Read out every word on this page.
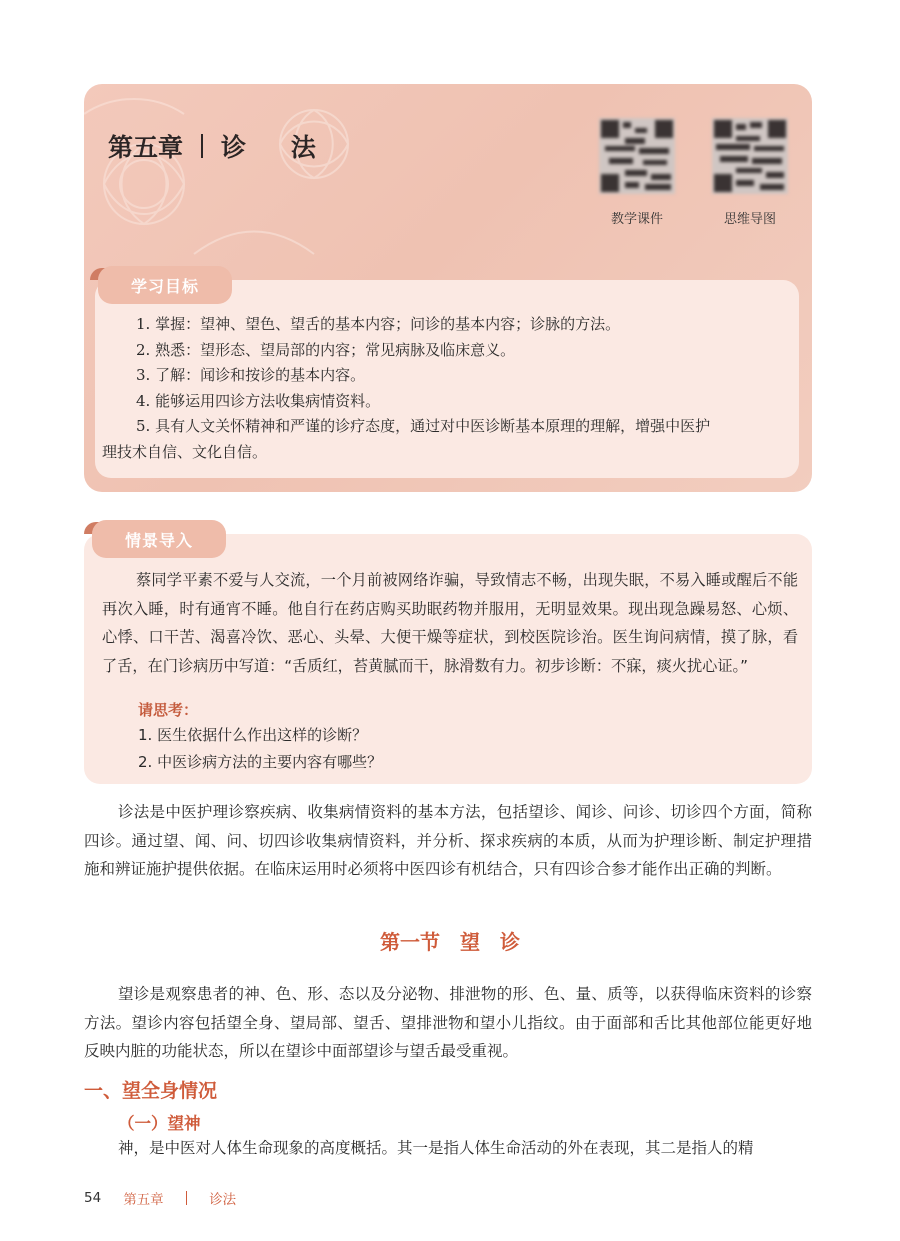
第五章 诊 法
教学课件	思维导图
学习目标
1. 掌握：望神、望色、望舌的基本内容；问诊的基本内容；诊脉的方法。
2. 熟悉：望形态、望局部的内容；常见病脉及临床意义。
3. 了解：闻诊和按诊的基本内容。
4. 能够运用四诊方法收集病情资料。
5. 具有人文关怀精神和严谨的诊疗态度，通过对中医诊断基本原理的理解，增强中医护
理技术自信、文化自信。
情景导入
蔡同学平素不爱与人交流，一个月前被网络诈骗，导致情志不畅，出现失眠，不易入睡或醒后不能再次入睡，时有通宵不睡。他自行在药店购买助眠药物并服用，无明显效果。现出现急躁易怒、心烦、心悸、口干苦、渴喜冷饮、恶心、头晕、大便干燥等症状，到校医院诊治。医生询问病情，摸了脉，看了舌，在门诊病历中写道：“舌质红，苔黄腻而干，脉滑数有力。初步诊断：不寐，痰火扰心证。”
请思考：
1. 医生依据什么作出这样的诊断？
2. 中医诊病方法的主要内容有哪些？
诊法是中医护理诊察疾病、收集病情资料的基本方法，包括望诊、闻诊、问诊、切诊四个方面，简称四诊。通过望、闻、问、切四诊收集病情资料，并分析、探求疾病的本质，从而为护理诊断、制定护理措施和辨证施护提供依据。在临床运用时必须将中医四诊有机结合，只有四诊合参才能作出正确的判断。
第一节　望　诊
望诊是观察患者的神、色、形、态以及分泌物、排泄物的形、色、量、质等，以获得临床资料的诊察方法。望诊内容包括望全身、望局部、望舌、望排泄物和望小儿指纹。由于面部和舌比其他部位能更好地反映内脏的功能状态，所以在望诊中面部望诊与望舌最受重视。
一、望全身情况
（一）望神
神，是中医对人体生命现象的高度概括。其一是指人体生命活动的外在表现，其二是指人的精
54 第五章	诊法
